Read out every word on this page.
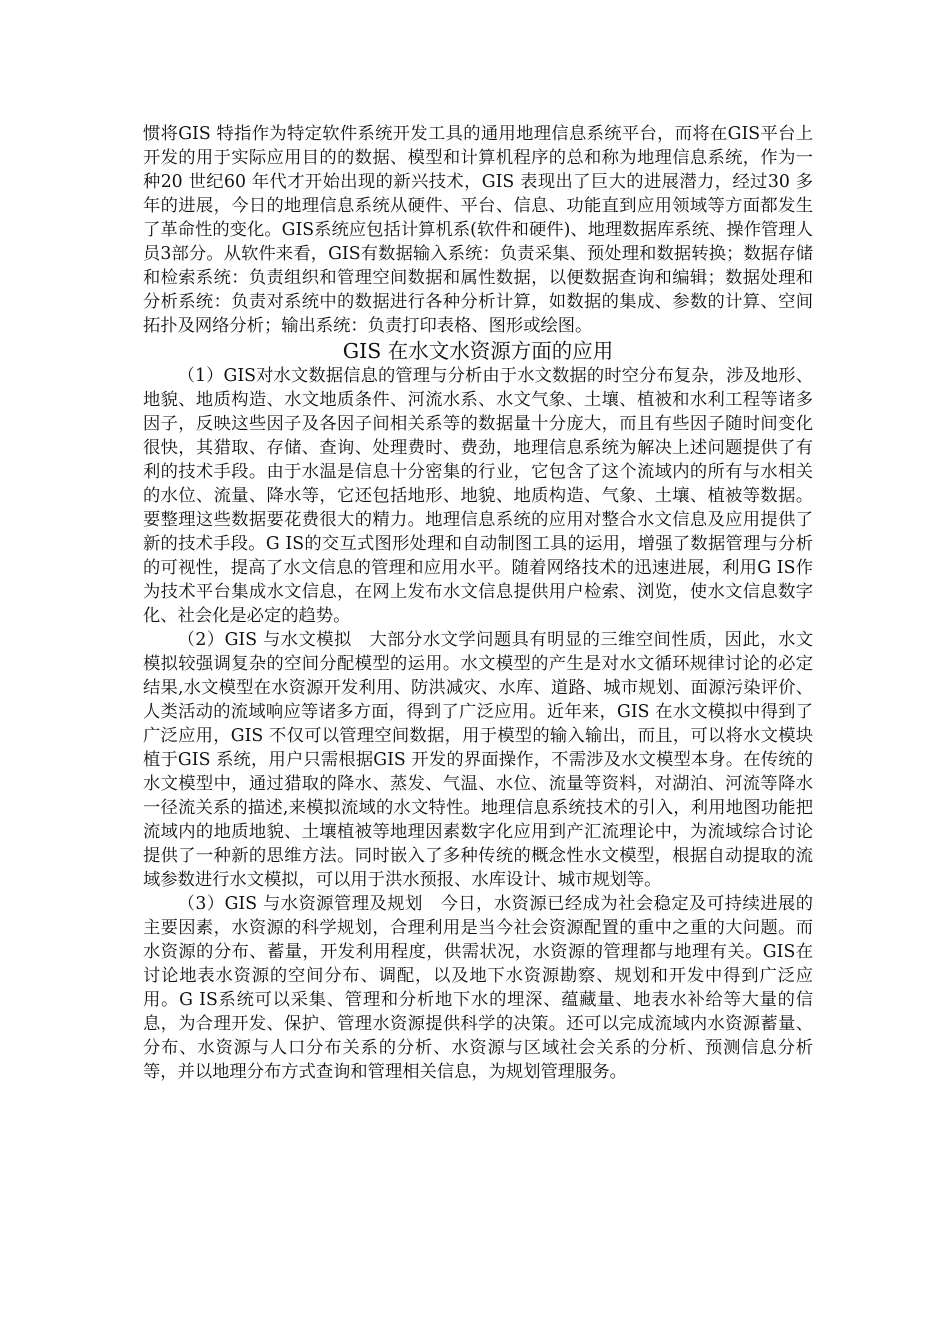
惯将GIS 特指作为特定软件系统开发工具的通用地理信息系统平台，而将在GIS平台上开发的用于实际应用目的的数据、模型和计算机程序的总和称为地理信息系统，作为一种20 世纪60 年代才开始出现的新兴技术，GIS 表现出了巨大的进展潜力，经过30 多年的进展，今日的地理信息系统从硬件、平台、信息、功能直到应用领域等方面都发生了革命性的变化。GIS系统应包括计算机系(软件和硬件)、地理数据库系统、操作管理人员3部分。从软件来看，GIS有数据输入系统：负责采集、预处理和数据转换；数据存储和检索系统：负责组织和管理空间数据和属性数据，以便数据查询和编辑；数据处理和分析系统：负责对系统中的数据进行各种分析计算，如数据的集成、参数的计算、空间拓扑及网络分析；输出系统：负责打印表格、图形或绘图。

GIS 在水文水资源方面的应用

（1）GIS对水文数据信息的管理与分析由于水文数据的时空分布复杂，涉及地形、地貌、地质构造、水文地质条件、河流水系、水文气象、土壤、植被和水利工程等诸多因子，反映这些因子及各因子间相关系等的数据量十分庞大，而且有些因子随时间变化很快，其猎取、存储、查询、处理费时、费劲，地理信息系统为解决上述问题提供了有利的技术手段。由于水温是信息十分密集的行业，它包含了这个流域内的所有与水相关的水位、流量、降水等，它还包括地形、地貌、地质构造、气象、土壤、植被等数据。要整理这些数据要花费很大的精力。地理信息系统的应用对整合水文信息及应用提供了新的技术手段。G IS的交互式图形处理和自动制图工具的运用，增强了数据管理与分析的可视性，提高了水文信息的管理和应用水平。随着网络技术的迅速进展，利用G IS作为技术平台集成水文信息，在网上发布水文信息提供用户检索、浏览，使水文信息数字化、社会化是必定的趋势。

（2）GIS 与水文模拟　大部分水文学问题具有明显的三维空间性质，因此，水文模拟较强调复杂的空间分配模型的运用。水文模型的产生是对水文循环规律讨论的必定结果,水文模型在水资源开发利用、防洪减灾、水库、道路、城市规划、面源污染评价、人类活动的流域响应等诸多方面，得到了广泛应用。近年来，GIS 在水文模拟中得到了广泛应用，GIS 不仅可以管理空间数据，用于模型的输入输出，而且，可以将水文模块植于GIS 系统，用户只需根据GIS 开发的界面操作，不需涉及水文模型本身。在传统的水文模型中，通过猎取的降水、蒸发、气温、水位、流量等资料，对湖泊、河流等降水一径流关系的描述,来模拟流域的水文特性。地理信息系统技术的引入，利用地图功能把流域内的地质地貌、土壤植被等地理因素数字化应用到产汇流理论中，为流域综合讨论提供了一种新的思维方法。同时嵌入了多种传统的概念性水文模型，根据自动提取的流域参数进行水文模拟，可以用于洪水预报、水库设计、城市规划等。

（3）GIS 与水资源管理及规划　今日，水资源已经成为社会稳定及可持续进展的主要因素，水资源的科学规划，合理利用是当今社会资源配置的重中之重的大问题。而水资源的分布、蓄量，开发利用程度，供需状况，水资源的管理都与地理有关。GIS在讨论地表水资源的空间分布、调配，以及地下水资源勘察、规划和开发中得到广泛应用。G IS系统可以采集、管理和分析地下水的埋深、蕴藏量、地表水补给等大量的信息，为合理开发、保护、管理水资源提供科学的决策。还可以完成流域内水资源蓄量、分布、水资源与人口分布关系的分析、水资源与区域社会关系的分析、预测信息分析等，并以地理分布方式查询和管理相关信息，为规划管理服务。
